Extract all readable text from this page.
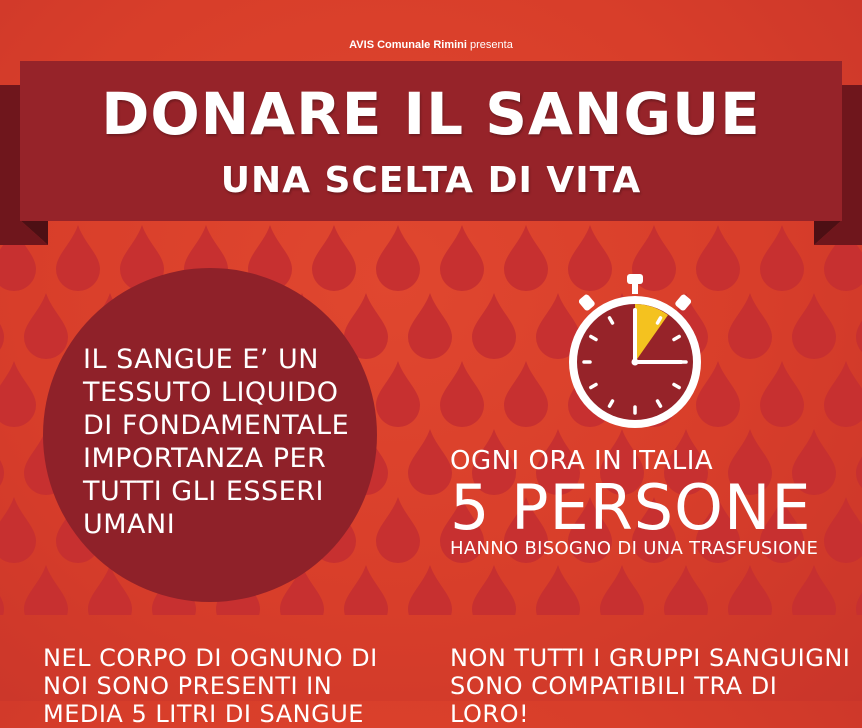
AVIS Comunale Rimini presenta
DONARE IL SANGUE
UNA SCELTA DI VITA
IL SANGUE E’ UN
TESSUTO LIQUIDO
DI FONDAMENTALE
IMPORTANZA PER
TUTTI GLI ESSERI
UMANI
OGNI ORA IN ITALIA
5 PERSONE
HANNO BISOGNO DI UNA TRASFUSIONE
NEL CORPO DI OGNUNO DI
NOI SONO PRESENTI IN
MEDIA 5 LITRI DI SANGUE
NON TUTTI I GRUPPI SANGUIGNI
SONO COMPATIBILI TRA DI LORO!
